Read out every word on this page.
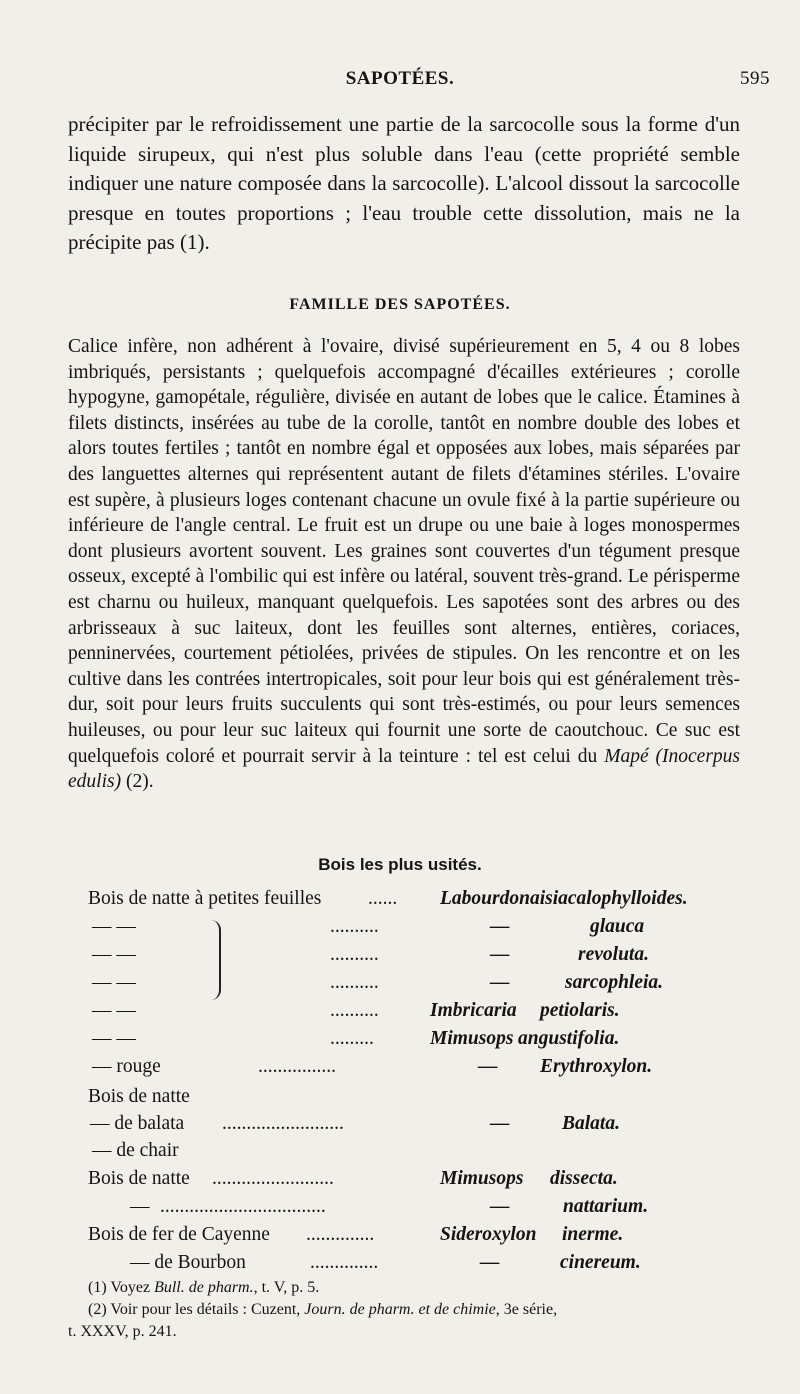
SAPOTÉES.	595

précipiter par le refroidissement une partie de la sarcocolle sous la forme d'un liquide sirupeux, qui n'est plus soluble dans l'eau (cette propriété semble indiquer une nature composée dans la sarcocolle). L'alcool dissout la sarcocolle presque en toutes proportions ; l'eau trouble cette dissolution, mais ne la précipite pas (1).

FAMILLE DES SAPOTÉES.

Calice infère, non adhérent à l'ovaire, divisé supérieurement en 5, 4 ou 8 lobes imbriqués, persistants ; quelquefois accompagné d'écailles extérieures ; corolle hypogyne, gamopétale, régulière, divisée en autant de lobes que le calice. Étamines à filets distincts, insérées au tube de la corolle, tantôt en nombre double des lobes et alors toutes fertiles ; tantôt en nombre égal et opposées aux lobes, mais séparées par des languettes alternes qui représentent autant de filets d'étamines stériles. L'ovaire est supère, à plusieurs loges contenant chacune un ovule fixé à la partie supérieure ou inférieure de l'angle central. Le fruit est un drupe ou une baie à loges monospermes dont plusieurs avortent souvent. Les graines sont couvertes d'un tégument presque osseux, excepté à l'ombilic qui est infère ou latéral, souvent très-grand. Le périsperme est charnu ou huileux, manquant quelquefois. Les sapotées sont des arbres ou des arbrisseaux à suc laiteux, dont les feuilles sont alternes, entières, coriaces, penninervées, courtement pétiolées, privées de stipules. On les rencontre et on les cultive dans les contrées intertropicales, soit pour leur bois qui est généralement très-dur, soit pour leurs fruits succulents qui sont très-estimés, ou pour leurs semences huileuses, ou pour leur suc laiteux qui fournit une sorte de caoutchouc. Ce suc est quelquefois coloré et pourrait servir à la teinture : tel est celui du Mapé (Inocerpus edulis) (2).

Bois les plus usités.
Bois de natte à petites feuilles ...... Labourdonaisiacalophylloides.
— —	..........	—	glauca
— —	..........	—	revoluta.
— —	..........	—	sarcophleia.
— —	..........	Imbricaria petiolaris.
— —	.........	Mimusops angustifolia.
— rouge	................	— Erythroxylon.
Bois de natte
— de balata .........................	—	Balata.
— de chair
Bois de natte .........................	Mimusops dissecta.
— ..................................	—	nattarium.
Bois de fer de Cayenne ..............	Sideroxylon inerme.
— de Bourbon	..............	—	cinereum.
(1) Voyez Bull. de pharm., t. V, p. 5.
(2) Voir pour les détails : Cuzent, Journ. de pharm. et de chimie, 3e série,
t. XXXV, p. 241.
